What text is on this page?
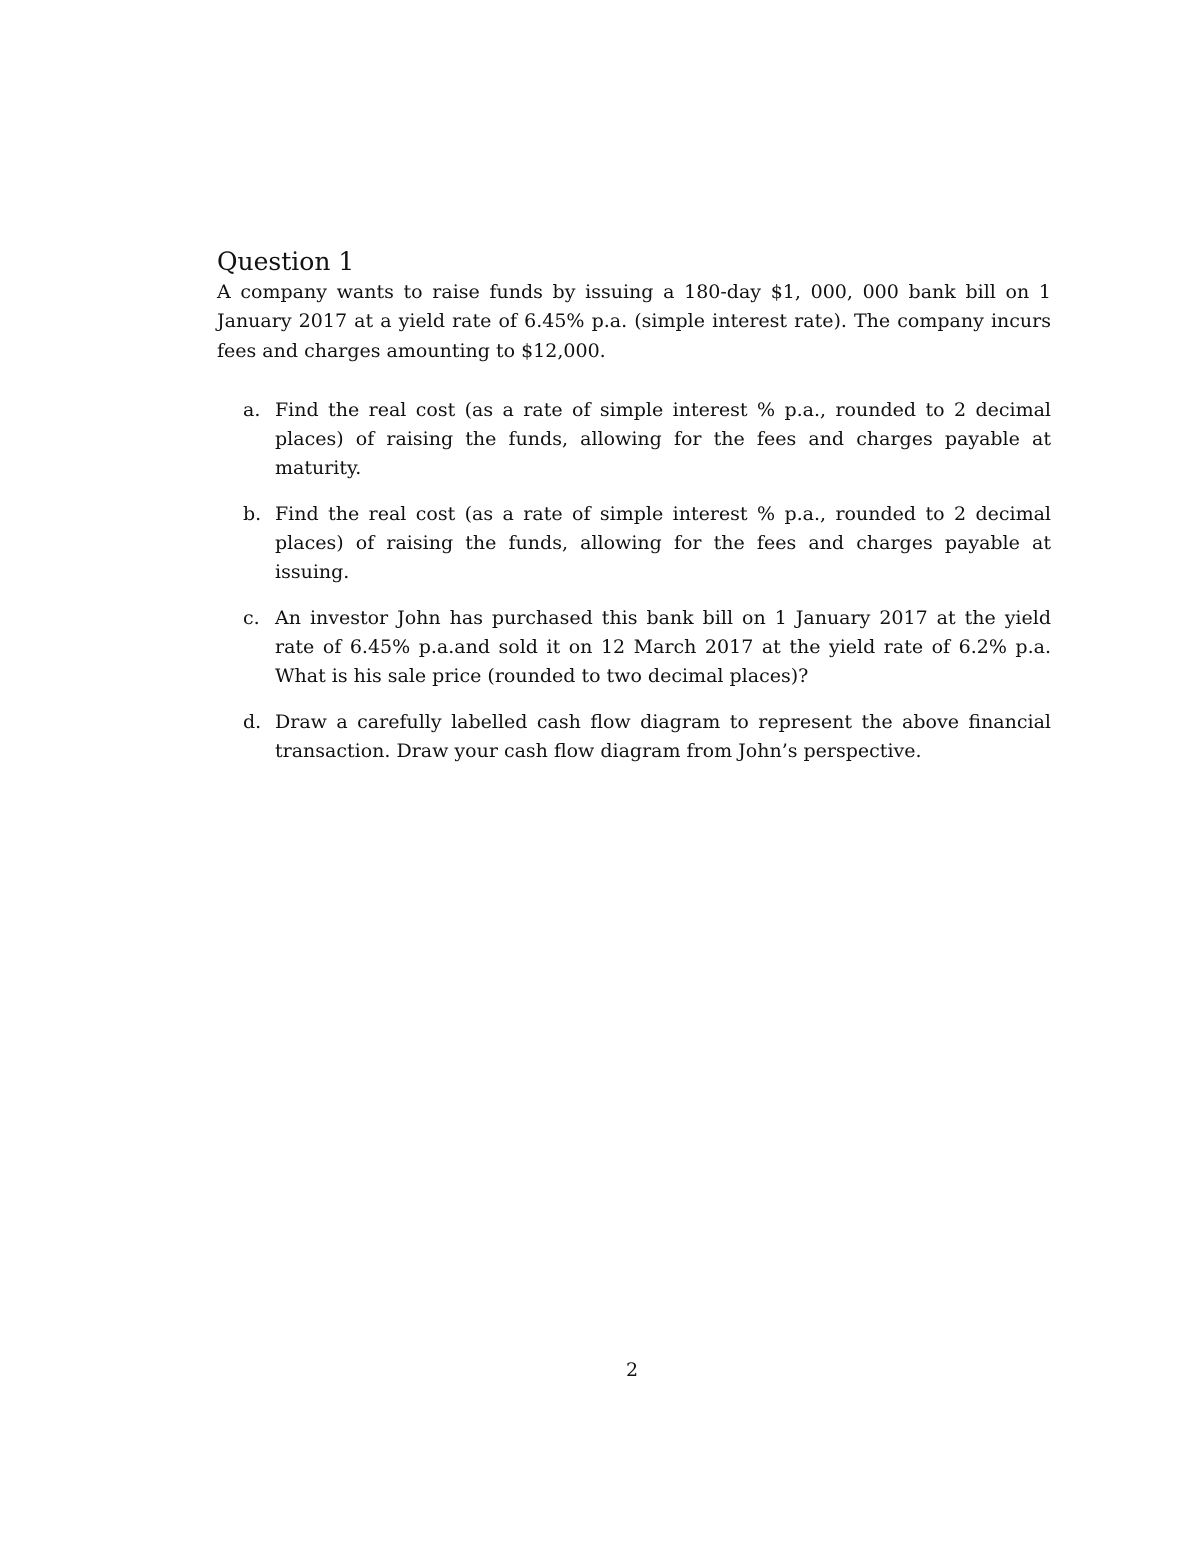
Question 1

A company wants to raise funds by issuing a 180-day $1, 000, 000 bank bill on 1 January 2017 at a yield rate of 6.45% p.a. (simple interest rate). The company incurs fees and charges amounting to $12,000.

a. Find the real cost (as a rate of simple interest % p.a., rounded to 2 decimal places) of raising the funds, allowing for the fees and charges payable at maturity.
b. Find the real cost (as a rate of simple interest % p.a., rounded to 2 decimal places) of raising the funds, allowing for the fees and charges payable at issuing.
c. An investor John has purchased this bank bill on 1 January 2017 at the yield rate of 6.45% p.a.and sold it on 12 March 2017 at the yield rate of 6.2% p.a. What is his sale price (rounded to two decimal places)?
d. Draw a carefully labelled cash flow diagram to represent the above financial transaction. Draw your cash flow diagram from John’s perspective.
2
